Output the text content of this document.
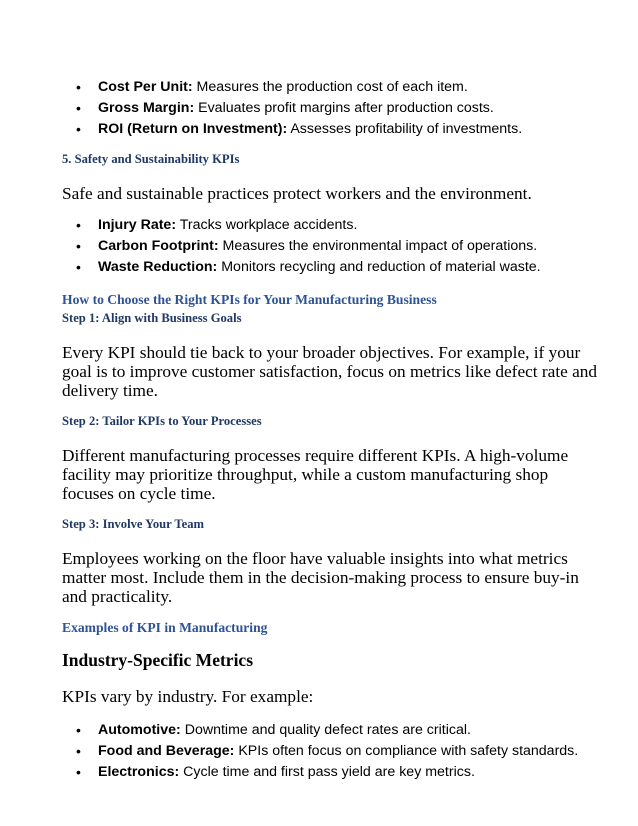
• Cost Per Unit: Measures the production cost of each item.
• Gross Margin: Evaluates profit margins after production costs.
• ROI (Return on Investment): Assesses profitability of investments.
5. Safety and Sustainability KPIs

Safe and sustainable practices protect workers and the environment.

• Injury Rate: Tracks workplace accidents.
• Carbon Footprint: Measures the environmental impact of operations.
• Waste Reduction: Monitors recycling and reduction of material waste.
How to Choose the Right KPIs for Your Manufacturing Business
Step 1: Align with Business Goals

Every KPI should tie back to your broader objectives. For example, if your goal is to improve customer satisfaction, focus on metrics like defect rate and delivery time.

Step 2: Tailor KPIs to Your Processes

Different manufacturing processes require different KPIs. A high-volume facility may prioritize throughput, while a custom manufacturing shop focuses on cycle time.

Step 3: Involve Your Team

Employees working on the floor have valuable insights into what metrics matter most. Include them in the decision-making process to ensure buy-in and practicality.

Examples of KPI in Manufacturing
Industry-Specific Metrics

KPIs vary by industry. For example:

• Automotive: Downtime and quality defect rates are critical.
• Food and Beverage: KPIs often focus on compliance with safety standards.
• Electronics: Cycle time and first pass yield are key metrics.
